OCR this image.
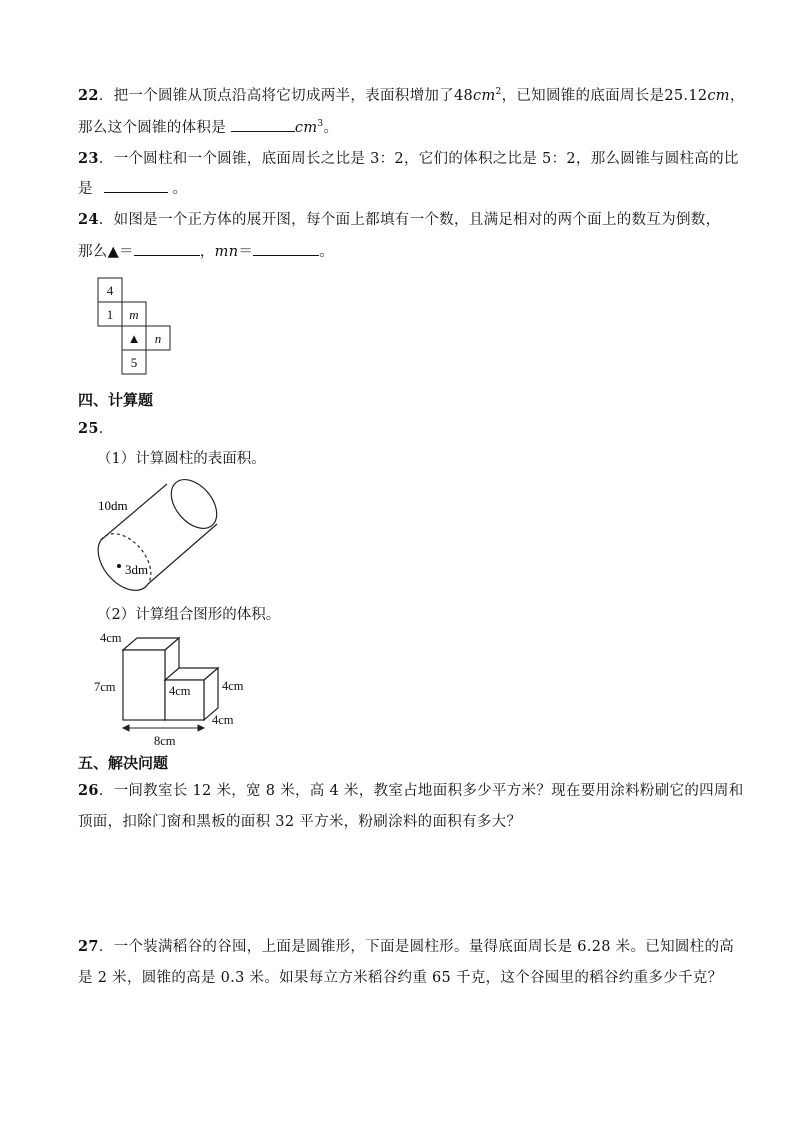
22．把一个圆锥从顶点沿高将它切成两半，表面积增加了$48cm^2$，已知圆锥的底面周长是25.12cm，
那么这个圆锥的体积是	$cm^3$。
23．一个圆柱和一个圆锥，底面周长之比是 3：2，它们的体积之比是 5：2，那么圆锥与圆柱高的比
是	。
24．如图是一个正方体的展开图，每个面上都填有一个数，且满足相对的两个面上的数互为倒数，
那么▲＝	，mn＝	。
4
1 m
▲ n
5
四、计算题
25．
（1）计算圆柱的表面积。
10dm
3dm
（2）计算组合图形的体积。
4cm
7cm	4cm	4cm
4cm
8cm
五、解决问题
26．一间教室长 12 米，宽 8 米，高 4 米，教室占地面积多少平方米？现在要用涂料粉刷它的四周和
顶面，扣除门窗和黑板的面积 32 平方米，粉刷涂料的面积有多大？
27．一个装满稻谷的谷囤，上面是圆锥形，下面是圆柱形。量得底面周长是 6.28 米。已知圆柱的高
是 2 米，圆锥的高是 0.3 米。如果每立方米稻谷约重 65 千克，这个谷囤里的稻谷约重多少千克？
